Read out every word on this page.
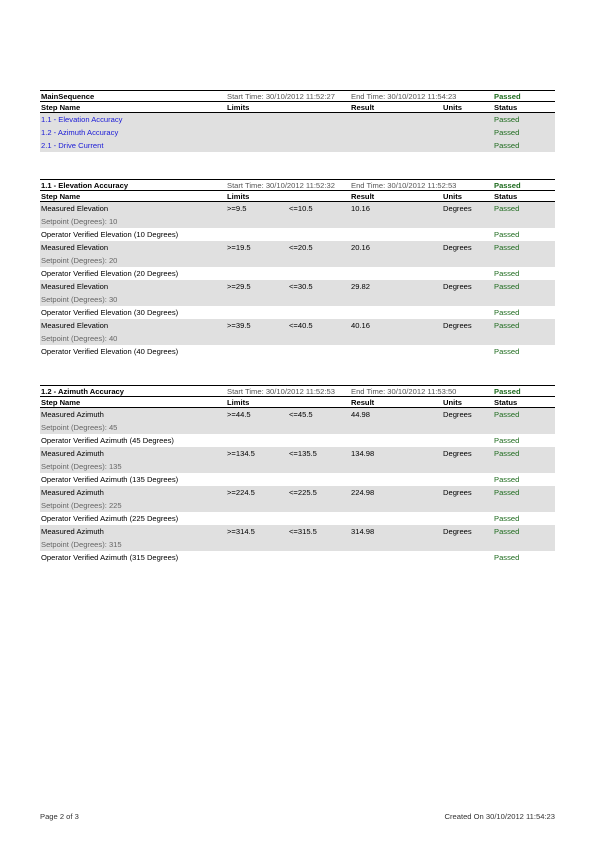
MainSequence	Start Time: 30/10/2012 11:52:27 End Time: 30/10/2012 11:54:23	Passed
Step Name	Limits	Result	Units	Status
1.1 - Elevation Accuracy	Passed
1.2 - Azimuth Accuracy	Passed
2.1 - Drive Current	Passed
1.1 - Elevation Accuracy	Start Time: 30/10/2012 11:52:32 End Time: 30/10/2012 11:52:53	Passed
Step Name	Limits	Result	Units	Status
Measured Elevation	>=9.5	<=10.5	10.16	Degrees	Passed
Setpoint (Degrees): 10
Operator Verified Elevation (10 Degrees)	Passed
Measured Elevation	>=19.5	<=20.5	20.16	Degrees	Passed
Setpoint (Degrees): 20
Operator Verified Elevation (20 Degrees)	Passed
Measured Elevation	>=29.5	<=30.5	29.82	Degrees	Passed
Setpoint (Degrees): 30
Operator Verified Elevation (30 Degrees)	Passed
Measured Elevation	>=39.5	<=40.5	40.16	Degrees	Passed
Setpoint (Degrees): 40
Operator Verified Elevation (40 Degrees)	Passed
1.2 - Azimuth Accuracy	Start Time: 30/10/2012 11:52:53 End Time: 30/10/2012 11:53:50	Passed
Step Name	Limits	Result	Units	Status
Measured Azimuth	>=44.5	<=45.5	44.98	Degrees	Passed
Setpoint (Degrees): 45
Operator Verified Azimuth (45 Degrees)	Passed
Measured Azimuth	>=134.5	<=135.5	134.98	Degrees	Passed
Setpoint (Degrees): 135
Operator Verified Azimuth (135 Degrees)	Passed
Measured Azimuth	>=224.5	<=225.5	224.98	Degrees	Passed
Setpoint (Degrees): 225
Operator Verified Azimuth (225 Degrees)	Passed
Measured Azimuth	>=314.5	<=315.5	314.98	Degrees	Passed
Setpoint (Degrees): 315
Operator Verified Azimuth (315 Degrees)	Passed
Page 2 of 3	Created On 30/10/2012 11:54:23
